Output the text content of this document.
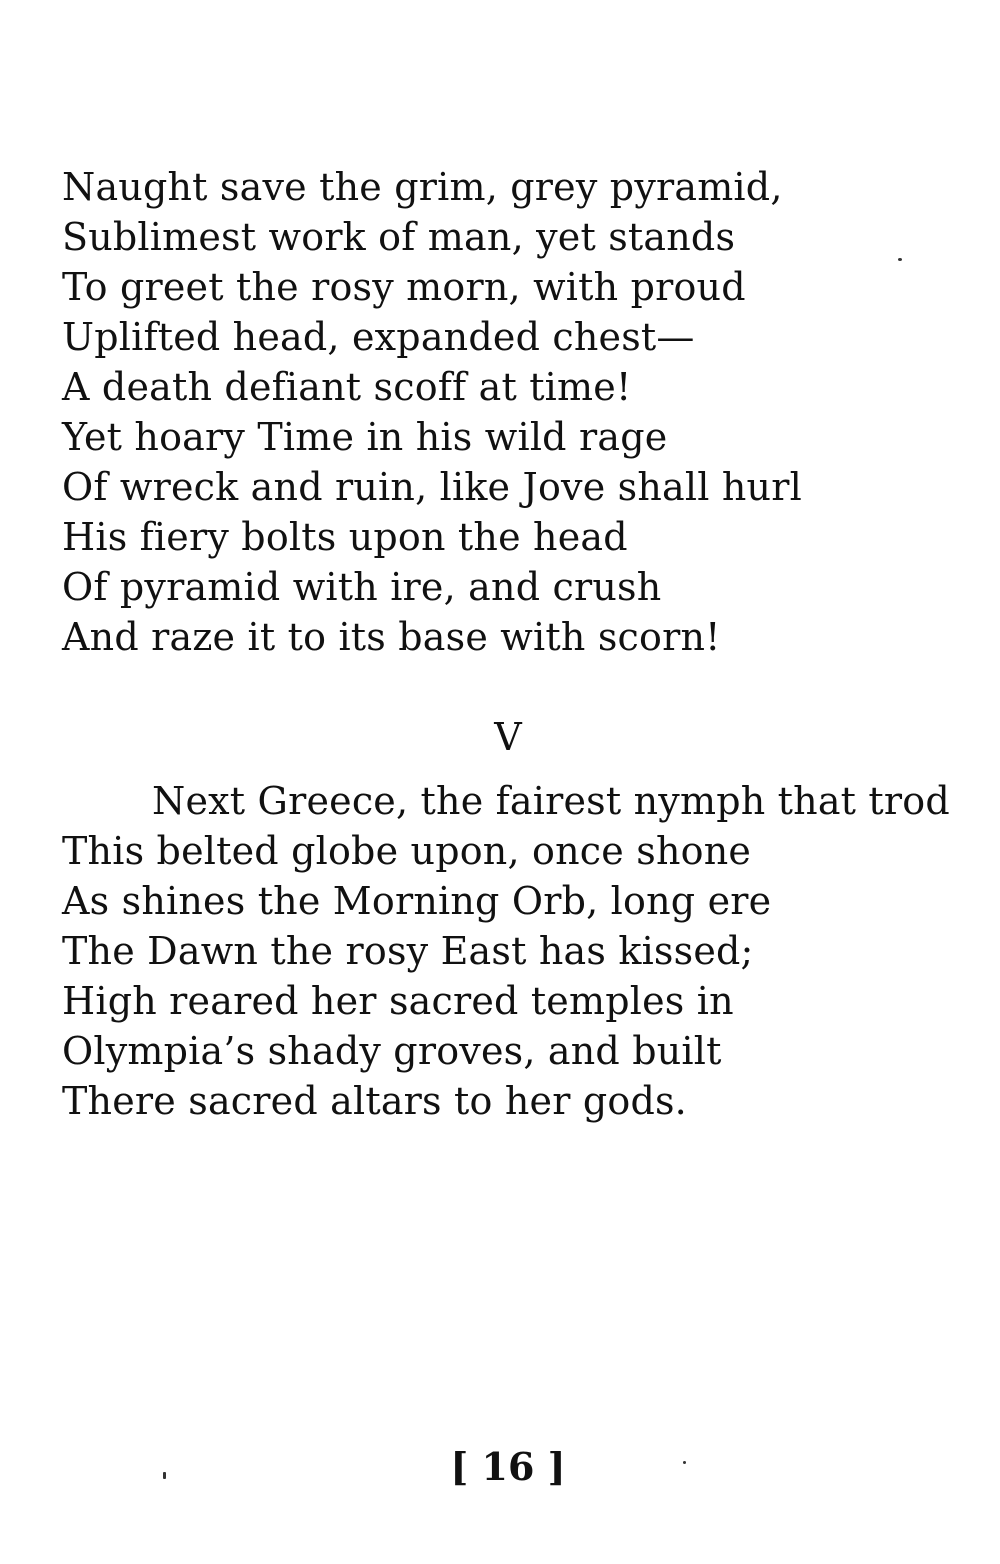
Naught save the grim, grey pyramid,
Sublimest work of man, yet stands
To greet the rosy morn, with proud
Uplifted head, expanded chest—
A death defiant scoff at time!
Yet hoary Time in his wild rage
Of wreck and ruin, like Jove shall hurl
His fiery bolts upon the head
Of pyramid with ire, and crush
And raze it to its base with scorn!
V
Next Greece, the fairest nymph that trod
This belted globe upon, once shone
As shines the Morning Orb, long ere
The Dawn the rosy East has kissed;
High reared her sacred temples in
Olympia’s shady groves, and built
There sacred altars to her gods.
[ 16 ]
